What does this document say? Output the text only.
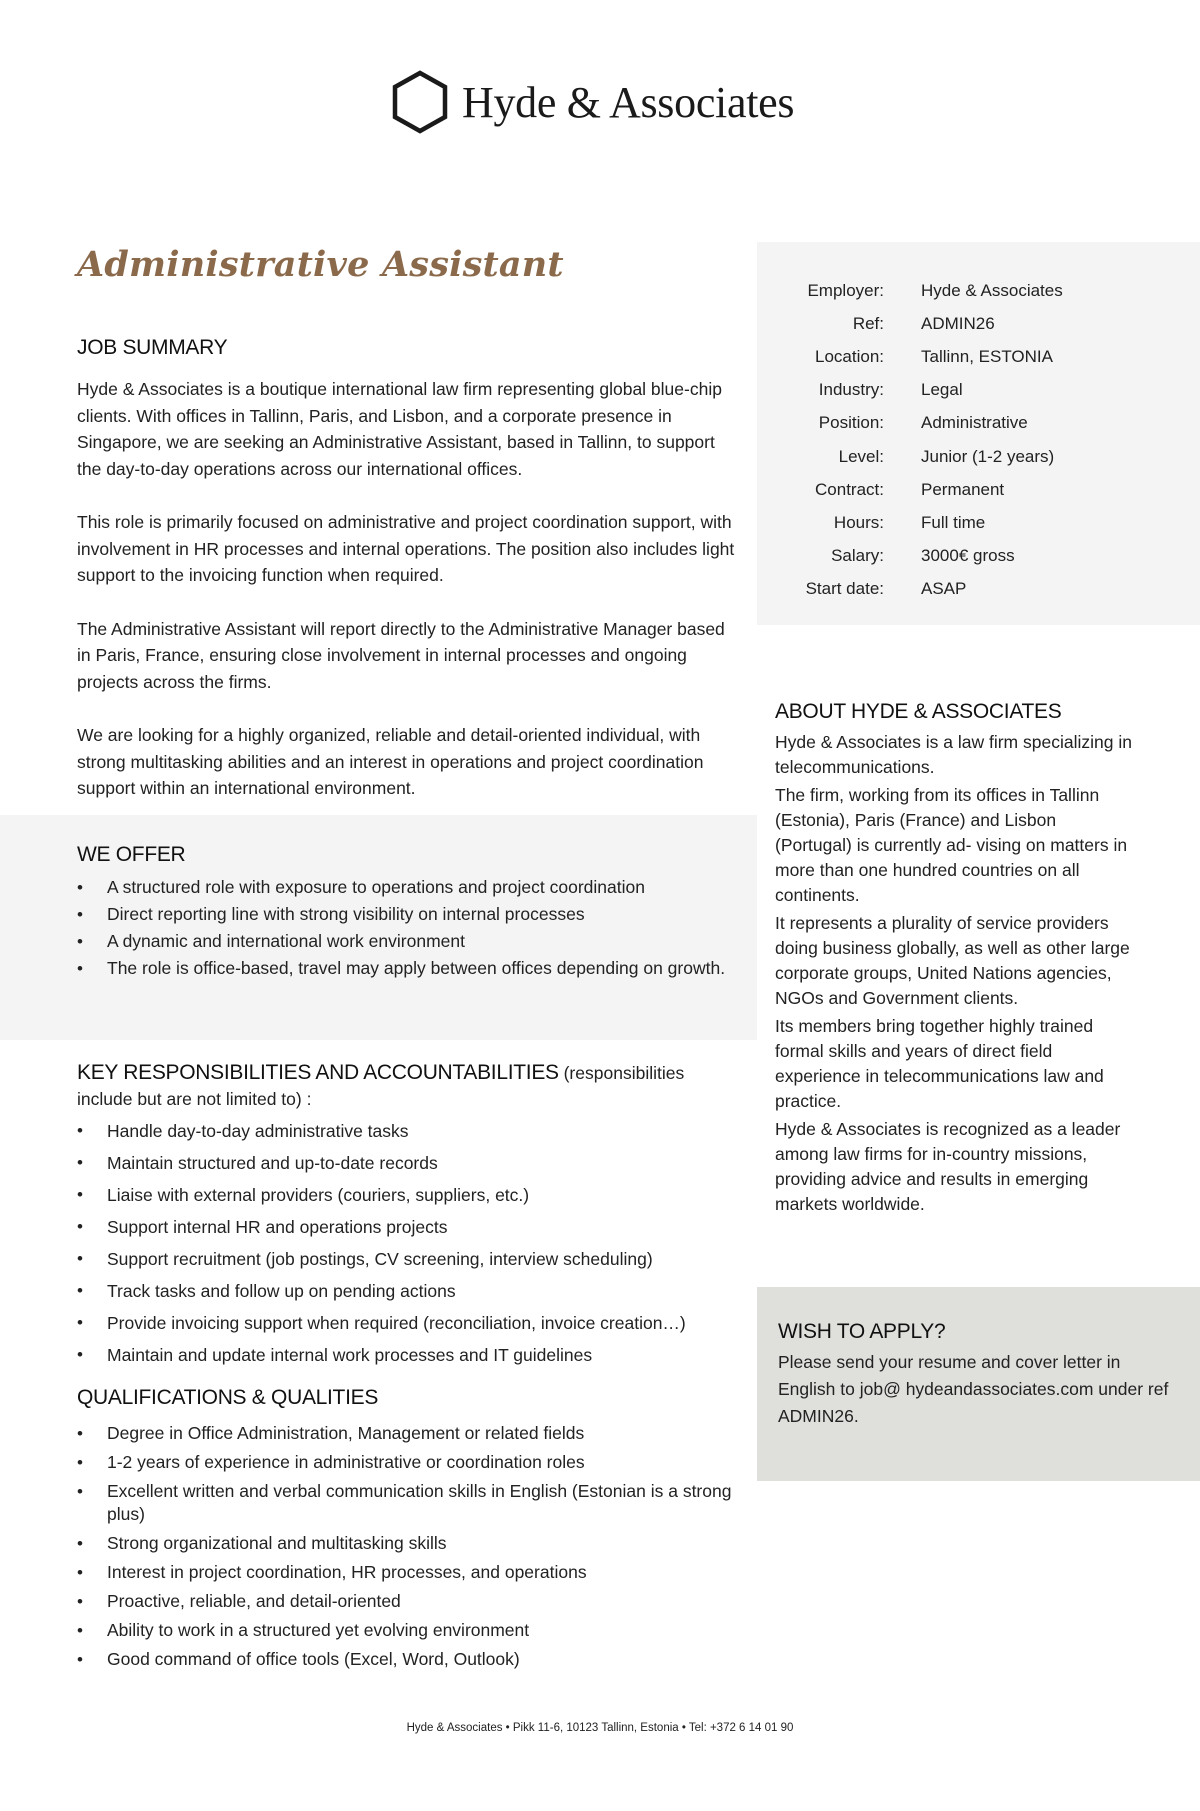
Hyde & Associates
Administrative Assistant
JOB SUMMARY

Hyde & Associates is a boutique international law firm representing global blue-chip clients. With offices in Tallinn, Paris, and Lisbon, and a corporate presence in Singapore, we are seeking an Administrative Assistant, based in Tallinn, to support the day-to-day operations across our international offices.

This role is primarily focused on administrative and project coordination support, with involvement in HR processes and internal operations. The position also includes light support to the invoicing function when required.

The Administrative Assistant will report directly to the Administrative Manager based in Paris, France, ensuring close involvement in internal processes and ongoing projects across the firms.

We are looking for a highly organized, reliable and detail-oriented individual, with strong multitasking abilities and an interest in operations and project coordination support within an international environment.

WE OFFER
• A structured role with exposure to operations and project coordination
• Direct reporting line with strong visibility on internal processes
• A dynamic and international work environment
• The role is office-based, travel may apply between offices depending on growth.
KEY RESPONSIBILITIES AND ACCOUNTABILITIES (responsibilities include but are not limited to) :
• Handle day-to-day administrative tasks
• Maintain structured and up-to-date records
• Liaise with external providers (couriers, suppliers, etc.)
• Support internal HR and operations projects
• Support recruitment (job postings, CV screening, interview scheduling)
• Track tasks and follow up on pending actions
• Provide invoicing support when required (reconciliation, invoice creation…)
• Maintain and update internal work processes and IT guidelines
QUALIFICATIONS & QUALITIES
• Degree in Office Administration, Management or related fields
• 1-2 years of experience in administrative or coordination roles
• Excellent written and verbal communication skills in English (Estonian is a strong plus)
• Strong organizational and multitasking skills
• Interest in project coordination, HR processes, and operations
• Proactive, reliable, and detail-oriented
• Ability to work in a structured yet evolving environment
• Good command of office tools (Excel, Word, Outlook)
Employer: Hyde & Associates
Ref: ADMIN26
Location: Tallinn, ESTONIA
Industry: Legal
Position: Administrative
Level: Junior (1-2 years)
Contract: Permanent
Hours: Full time
Salary: 3000€ gross
Start date: ASAP
ABOUT HYDE & ASSOCIATES

Hyde & Associates is a law firm specializing in telecommunications.

The firm, working from its offices in Tallinn (Estonia), Paris (France) and Lisbon (Portugal) is currently ad- vising on matters in more than one hundred countries on all continents.

It represents a plurality of service providers doing business globally, as well as other large corporate groups, United Nations agencies, NGOs and Government clients.

Its members bring together highly trained formal skills and years of direct field experience in telecommunications law and practice.

Hyde & Associates is recognized as a leader among law firms for in-country missions, providing advice and results in emerging markets worldwide.

WISH TO APPLY?

Please send your resume and cover letter in English to job@ hydeandassociates.com under ref ADMIN26.

Hyde & Associates • Pikk 11-6, 10123 Tallinn, Estonia • Tel: +372 6 14 01 90
